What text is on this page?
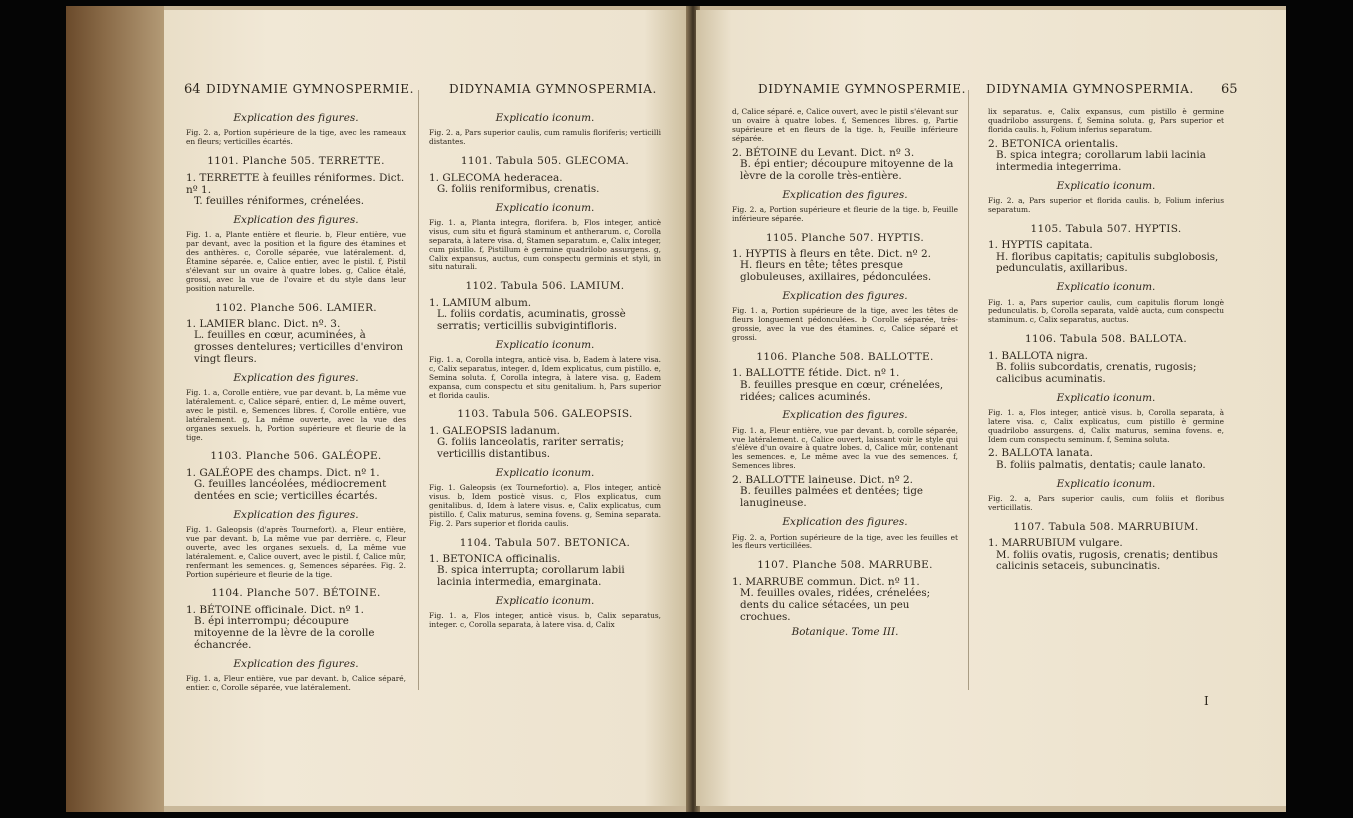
64 DIDYNAMIE GYMNOSPERMIE.	DIDYNAMIA GYMNOSPERMIA.
Explication des figures.
Fig. 2. a, Portion supérieure de la tige, avec les rameaux en fleurs; verticilles écartés.
1101. Planche 505. TERRETTE.
1. TERRETTE à feuilles réniformes. Dict. nº 1.
T. feuilles réniformes, crénelées.
Explication des figures.
Fig. 1. a, Plante entière et fleurie. b, Fleur entière, vue par devant, avec la position et la figure des étamines et des anthères. c, Corolle séparée, vue latéralement. d, Étamine séparée. e, Calice entier, avec le pistil. f, Pistil s'élevant sur un ovaire à quatre lobes. g, Calice étalé, grossi, avec la vue de l'ovaire et du style dans leur position naturelle.
1102. Planche 506. LAMIER.
1. LAMIER blanc. Dict. nº. 3.
L. feuilles en cœur, acuminées, à grosses dentelures; verticilles d'environ vingt fleurs.
Explication des figures.
Fig. 1. a, Corolle entière, vue par devant. b, La même vue latéralement. c, Calice séparé, entier. d, Le même ouvert, avec le pistil. e, Semences libres. f, Corolle entière, vue latéralement. g, La même ouverte, avec la vue des organes sexuels. h, Portion supérieure et fleurie de la tige.
1103. Planche 506. GALÉOPE.
1. GALÉOPE des champs. Dict. nº 1.
G. feuilles lancéolées, médiocrement dentées en scie; verticilles écartés.
Explication des figures.
Fig. 1. Galeopsis (d'après Tournefort). a, Fleur entière, vue par devant. b, La même vue par derrière. c, Fleur ouverte, avec les organes sexuels. d, La même vue latéralement. e, Calice ouvert, avec le pistil. f, Calice mûr, renfermant les semences. g, Semences séparées. Fig. 2. Portion supérieure et fleurie de la tige.
1104. Planche 507. BÉTOINE.
1. BÉTOINE officinale. Dict. nº 1.
B. épi interrompu; découpure mitoyenne de la lèvre de la corolle échancrée.
Explication des figures.
Fig. 1. a, Fleur entière, vue par devant. b, Calice séparé, entier. c, Corolle séparée, vue latéralement.
Explicatio iconum.
Fig. 2. a, Pars superior caulis, cum ramulis floriferis; verticilli distantes.
1101. Tabula 505. GLECOMA.
1. GLECOMA hederacea.
G. foliis reniformibus, crenatis.
Explicatio iconum.
Fig. 1. a, Planta integra, florifera. b, Flos integer, anticè visus, cum situ et figurâ staminum et antherarum. c, Corolla separata, à latere visa. d, Stamen separatum. e, Calix integer, cum pistillo. f, Pistillum è germine quadrilobo assurgens. g, Calix expansus, auctus, cum conspectu germinis et styli, in situ naturali.
1102. Tabula 506. LAMIUM.
1. LAMIUM album.
L. foliis cordatis, acuminatis, grossè serratis; verticillis subvigintifloris.
Explicatio iconum.
Fig. 1. a, Corolla integra, anticè visa. b, Eadem à latere visa. c, Calix separatus, integer. d, Idem explicatus, cum pistillo. e, Semina soluta. f, Corolla integra, à latere visa. g, Eadem expansa, cum conspectu et situ genitalium. h, Pars superior et florida caulis.
1103. Tabula 506. GALEOPSIS.
1. GALEOPSIS ladanum.
G. foliis lanceolatis, rariter serratis; verticillis distantibus.
Explicatio iconum.
Fig. 1. Galeopsis (ex Tournefortio). a, Flos integer, anticè visus. b, Idem posticè visus. c, Flos explicatus, cum genitalibus. d, Idem à latere visus. e, Calix explicatus, cum pistillo. f, Calix maturus, semina fovens. g, Semina separata. Fig. 2. Pars superior et florida caulis.
1104. Tabula 507. BETONICA.
1. BETONICA officinalis.
B. spica interrupta; corollarum labii lacinia intermedia, emarginata.
Explicatio iconum.
Fig. 1. a, Flos integer, anticè visus. b, Calix separatus, integer. c, Corolla separata, à latere visa. d, Calix
DIDYNAMIE GYMNOSPERMIE. DIDYNAMIA GYMNOSPERMIA. 65
d, Calice séparé. e, Calice ouvert, avec le pistil s'élevant sur un ovaire à quatre lobes. f, Semences libres. g, Partie supérieure et en fleurs de la tige. h, Feuille inférieure séparée.
2. BÉTOINE du Levant. Dict. nº 3.
B. épi entier; découpure mitoyenne de la lèvre de la corolle très-entière.
Explication des figures.
Fig. 2. a, Portion supérieure et fleurie de la tige. b, Feuille inférieure séparée.
1105. Planche 507. HYPTIS.
1. HYPTIS à fleurs en tête. Dict. nº 2.
H. fleurs en tête; têtes presque globuleuses, axillaires, pédonculées.
Explication des figures.
Fig. 1. a, Portion supérieure de la tige, avec les têtes de fleurs longuement pédonculées. b Corolle séparée, très-grossie, avec la vue des étamines. c, Calice séparé et grossi.
1106. Planche 508. BALLOTTE.
1. BALLOTTE fétide. Dict. nº 1.
B. feuilles presque en cœur, crénelées, ridées; calices acuminés.
Explication des figures.
Fig. 1. a, Fleur entière, vue par devant. b, corolle séparée, vue latéralement. c, Calice ouvert, laissant voir le style qui s'élève d'un ovaire à quatre lobes. d, Calice mûr, contenant les semences. e, Le même avec la vue des semences. f, Semences libres.
2. BALLOTTE laineuse. Dict. nº 2.
B. feuilles palmées et dentées; tige lanugineuse.
Explication des figures.
Fig. 2. a, Portion supérieure de la tige, avec les feuilles et les fleurs verticillées.
1107. Planche 508. MARRUBE.
1. MARRUBE commun. Dict. nº 11.
M. feuilles ovales, ridées, crénelées; dents du calice sétacées, un peu crochues.
Botanique. Tome III.
lix separatus. e, Calix expansus, cum pistillo è germine quadrilobo assurgens. f, Semina soluta. g, Pars superior et florida caulis. h, Folium inferius separatum.
2. BETONICA orientalis.
B. spica integra; corollarum labii lacinia intermedia integerrima.
Explicatio iconum.
Fig. 2. a, Pars superior et florida caulis. b, Folium inferius separatum.
1105. Tabula 507. HYPTIS.
1. HYPTIS capitata.
H. floribus capitatis; capitulis subglobosis, pedunculatis, axillaribus.
Explicatio iconum.
Fig. 1. a, Pars superior caulis, cum capitulis florum longè pedunculatis. b, Corolla separata, valdè aucta, cum conspectu staminum. c, Calix separatus, auctus.
1106. Tabula 508. BALLOTA.
1. BALLOTA nigra.
B. foliis subcordatis, crenatis, rugosis; calicibus acuminatis.
Explicatio iconum.
Fig. 1. a, Flos integer, anticè visus. b, Corolla separata, à latere visa. c, Calix explicatus, cum pistillo è germine quadrilobo assurgens. d, Calix maturus, semina fovens. e, Idem cum conspectu seminum. f, Semina soluta.
2. BALLOTA lanata.
B. foliis palmatis, dentatis; caule lanato.
Explicatio iconum.
Fig. 2. a, Pars superior caulis, cum foliis et floribus verticillatis.
1107. Tabula 508. MARRUBIUM.
1. MARRUBIUM vulgare.
M. foliis ovatis, rugosis, crenatis; dentibus calicinis setaceis, subuncinatis.
I
